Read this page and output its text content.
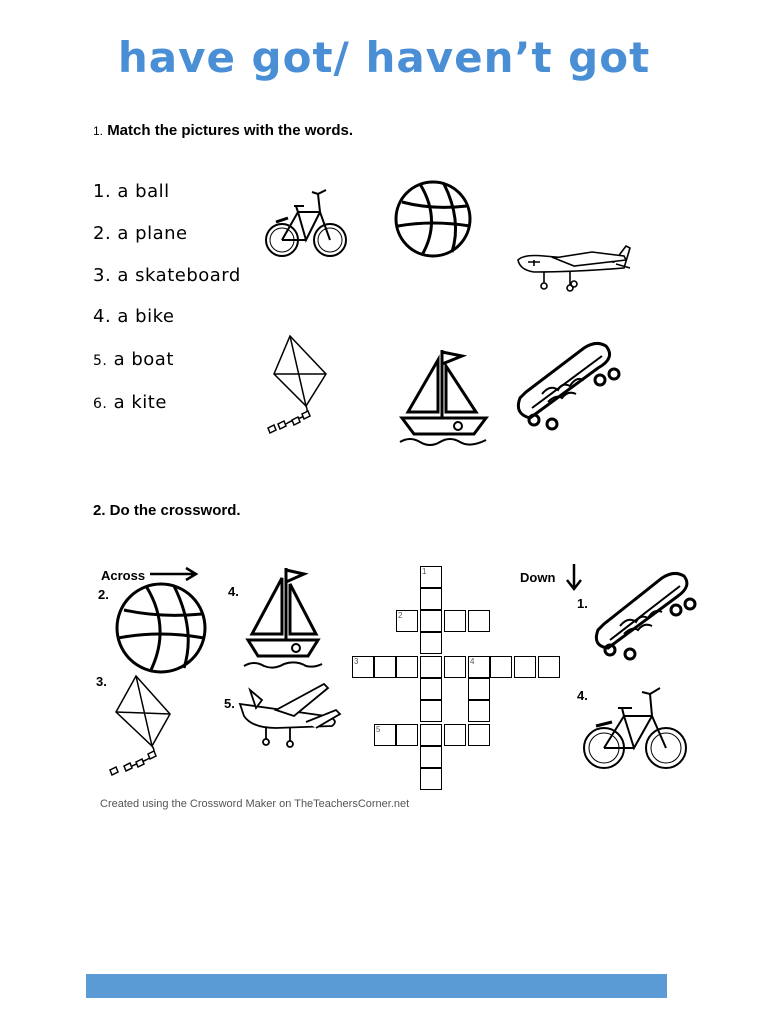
have got/ haven’t got
1. Match the pictures with the words.
1. a ball
2. a plane
3. a skateboard
4. a bike
5. a boat
6. a kite
2. Do the crossword.
Across
2.	4.
3.
5.
1
2
3	4
5
Down
1.
4.
Created using the Crossword Maker on TheTeachersCorner.net
